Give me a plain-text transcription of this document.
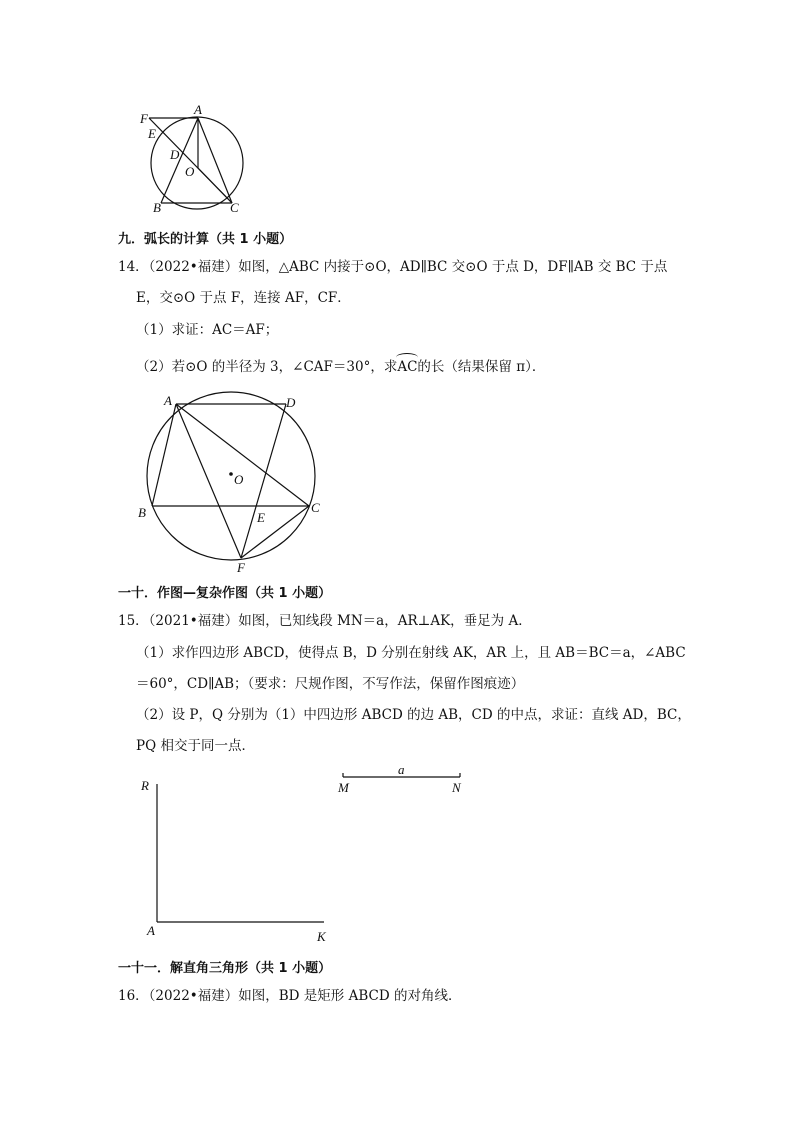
F
E
A
D
O
B	C
九．弧长的计算（共 1 小题）
14．（2022•福建）如图，△ABC 内接于⊙O，AD∥BC 交⊙O 于点 D，DF∥AB 交 BC 于点
E，交⊙O 于点 F，连接 AF，CF．
（1）求证：AC＝AF；
（2）若⊙O 的半径为 3，∠CAF＝30°，求AC的长（结果保留 π）．
A	D
O
B	C
E
F
一十．作图—复杂作图（共 1 小题）
15．（2021•福建）如图，已知线段 MN＝a，AR⊥AK，垂足为 A．
（1）求作四边形 ABCD，使得点 B，D 分别在射线 AK，AR 上，且 AB＝BC＝a，∠ABC
＝60°，CD∥AB；（要求：尺规作图，不写作法，保留作图痕迹）
（2）设 P，Q 分别为（1）中四边形 ABCD 的边 AB，CD 的中点，求证：直线 AD，BC，
PQ 相交于同一点．
a
M	N
R
A	K
一十一．解直角三角形（共 1 小题）
16．（2022•福建）如图，BD 是矩形 ABCD 的对角线．
